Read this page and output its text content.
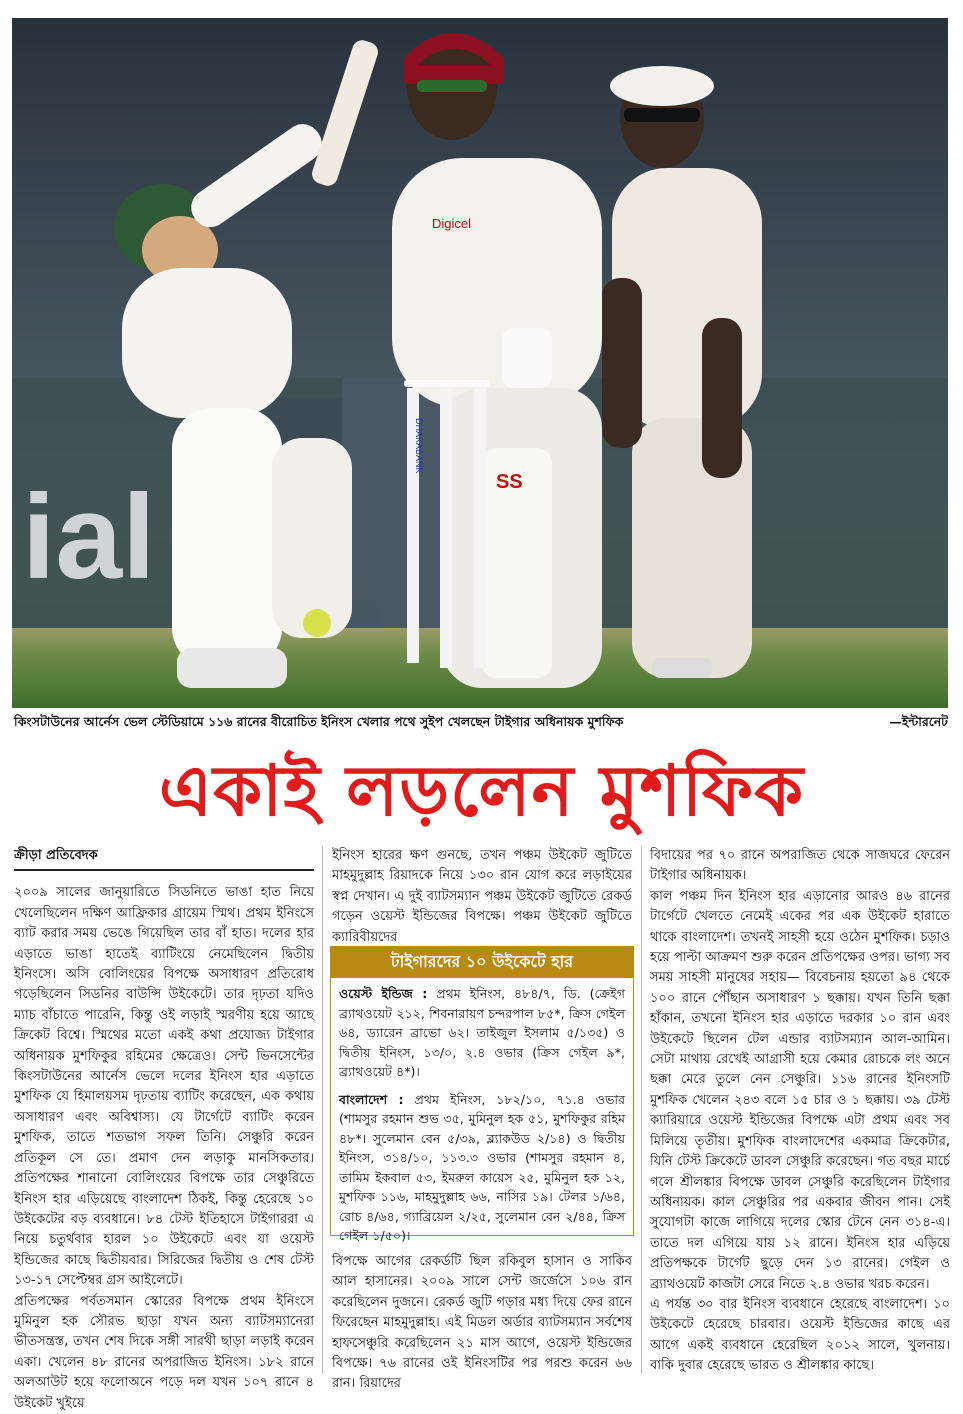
ial	SS
Digicel
DHAKABANK
কিংসটাউনের আর্নেস ভেল স্টেডিয়ামে ১১৬ রানের বীরোচিত ইনিংস খেলার পথে সুইপ খেলছেন টাইগার অধিনায়ক মুশফিক	—ইন্টারনেট
একাই লড়লেন মুশফিক

ক্রীড়া প্রতিবেদক

২০০৯ সালের জানুয়ারিতে সিডনিতে ভাঙা হাত নিয়ে খেলেছিলেন দক্ষিণ আফ্রিকার গ্রায়েম স্মিথ। প্রথম ইনিংসে ব্যাট করার সময় ভেঙে গিয়েছিল তার বাঁ হাত। দলের হার এড়াতে ভাঙা হাতেই ব্যাটিংয়ে নেমেছিলেন দ্বিতীয় ইনিংসে। অসি বোলিংয়ের বিপক্ষে অসাধারণ প্রতিরোধ গড়েছিলেন সিডনির বাউন্সি উইকেটে। তার দৃঢ়তা যদিও ম্যাচ বাঁচাতে পারেনি, কিন্তু ওই লড়াই স্মরণীয় হয়ে আছে ক্রিকেট বিশ্বে। স্মিথের মতো একই কথা প্রযোজ্য টাইগার অধিনায়ক মুশফিকুর রহিমের ক্ষেত্রেও। সেন্ট ভিনসেন্টের কিংসটাউনের আর্নেস ভেলে দলের ইনিংস হার এড়াতে মুশফিক যে হিমালয়সম দৃঢ়তায় ব্যাটিং করেছেন, এক কথায় অসাধারণ এবং অবিশ্বাস্য। যে টার্গেটে ব্যাটিং করেন মুশফিক, তাতে শতভাগ সফল তিনি। সেঞ্চুরি করেন প্রতিকূল সে তে। প্রমাণ দেন লড়াকু মানসিকতার। প্রতিপক্ষের শানানো বোলিংয়ের বিপক্ষে তার সেঞ্চুরিতে ইনিংস হার এড়িয়েছে বাংলাদেশ ঠিকই, কিন্তু হেরেছে ১০ উইকেটের বড় ব্যবধানে। ৮৪ টেস্ট ইতিহাসে টাইগাররা এ নিয়ে চতুর্থবার হারল ১০ উইকেটে এবং যা ওয়েস্ট ইন্ডিজের কাছে দ্বিতীয়বার। সিরিজের দ্বিতীয় ও শেষ টেস্ট ১৩-১৭ সেপ্টেম্বর গ্রস আইলেটে।

প্রতিপক্ষের পর্বতসমান স্কোরের বিপক্ষে প্রথম ইনিংসে মুমিনুল হক সৌরভ ছাড়া যখন অন্য ব্যাটসম্যানেরা ভীতসন্ত্রস্ত, তখন শেষ দিকে সঙ্গী সারথী ছাড়া লড়াই করেন একা। খেলেন ৪৮ রানের অপরাজিত ইনিংস। ১৮২ রানে অলআউট হয়ে ফলোঅনে পড়ে দল যখন ১০৭ রানে ৪ উইকেট খুইয়ে

ইনিংস হারের ক্ষণ গুনছে, তখন পঞ্চম উইকেট জুটিতে মাহমুদুল্লাহ রিয়াদকে নিয়ে ১৩০ রান যোগ করে লড়াইয়ের স্বপ্ন দেখান। এ দুই ব্যাটসম্যান পঞ্চম উইকেট জুটিতে রেকর্ড গড়েন ওয়েস্ট ইন্ডিজের বিপক্ষে। পঞ্চম উইকেট জুটিতে ক্যারিবীয়দের

টাইগারদের ১০ উইকেটে হার

ওয়েস্ট ইন্ডিজ : প্রথম ইনিংস, ৪৮৪/৭, ডি. (ক্রেইগ ব্র্যাথওয়েট ২১২, শিবনারায়ণ চন্দরপাল ৮৫*, ক্রিস গেইল ৬৪, ড্যারেন ব্রাভো ৬২। তাইজুল ইসলাম ৫/১৩৫) ও দ্বিতীয় ইনিংস, ১৩/০, ২.৪ ওভার (ক্রিস গেইল ৯*, ব্র্যাথওয়েট ৪*)।

বাংলাদেশ : প্রথম ইনিংস, ১৮২/১০, ৭১.৪ ওভার (শামসুর রহমান শুভ ৩৫, মুমিনুল হক ৫১, মুশফিকুর রহিম ৪৮*। সুলেমান বেন ৫/৩৯, ব্ল্যাকউড ২/১৪) ও দ্বিতীয় ইনিংস, ৩১৪/১০, ১১৩.৩ ওভার (শামসুর রহমান ৪, তামিম ইকবাল ৫৩, ইমরুল কায়েস ২৫, মুমিনুল হক ১২, মুশফিক ১১৬, মাহমুদুল্লাহ ৬৬, নাসির ১৯। টেলর ১/৬৪, রোচ ৪/৬৪, গ্যাব্রিয়েল ২/২৫, সুলেমান বেন ২/৪৪, ক্রিস গেইল ১/৫০)।

বিপক্ষে আগের রেকর্ডটি ছিল রকিবুল হাসান ও সাকিব আল হাসানের। ২০০৯ সালে সেন্ট জর্জেসে ১০৬ রান করেছিলেন দুজনে। রেকর্ড জুটি গড়ার মধ্য দিয়ে ফের রানে ফিরেছেন মাহমুদুল্লাহ। এই মিডল অর্ডার ব্যাটসম্যান সর্বশেষ হাফসেঞ্চুরি করেছিলেন ২১ মাস আগে, ওয়েস্ট ইন্ডিজের বিপক্ষে। ৭৬ রানের ওই ইনিংসটির পর পরশু করেন ৬৬ রান। রিয়াদের

বিদায়ের পর ৭০ রানে অপরাজিত থেকে সাজঘরে ফেরেন টাইগার অধিনায়ক।

কাল পঞ্চম দিন ইনিংস হার এড়ানোর আরও ৪৬ রানের টার্গেটে খেলতে নেমেই একের পর এক উইকেট হারাতে থাকে বাংলাদেশ। তখনই সাহসী হয়ে ওঠেন মুশফিক। চড়াও হয়ে পাল্টা আক্রমণ শুরু করেন প্রতিপক্ষের ওপর। ভাগ্য সব সময় সাহসী মানুষের সহায়— বিবেচনায় হয়তো ৯৪ থেকে ১০০ রানে পৌঁছান অসাধারণ ১ ছক্কায়। যখন তিনি ছক্কা হাঁকান, তখনো ইনিংস হার এড়াতে দরকার ১০ রান এবং উইকেটে ছিলেন টেল এন্ডার ব্যাটসম্যান আল-আমিন। সেটা মাথায় রেখেই আগ্রাসী হয়ে কেমার রোচকে লং অনে ছক্কা মেরে তুলে নেন সেঞ্চুরি। ১১৬ রানের ইনিংসটি মুশফিক খেলেন ২৪৩ বলে ১৫ চার ও ১ ছক্কায়। ৩৯ টেস্ট ক্যারিয়ারে ওয়েস্ট ইন্ডিজের বিপক্ষে এটা প্রথম এবং সব মিলিয়ে তৃতীয়। মুশফিক বাংলাদেশের একমাত্র ক্রিকেটার, যিনি টেস্ট ক্রিকেটে ডাবল সেঞ্চুরি করেছেন। গত বছর মার্চে গলে শ্রীলঙ্কার বিপক্ষে ডাবল সেঞ্চুরি করেছিলেন টাইগার অধিনায়ক। কাল সেঞ্চুরির পর একবার জীবন পান। সেই সুযোগটা কাজে লাগিয়ে দলের স্কোর টেনে নেন ৩১৪-এ। তাতে দল এগিয়ে যায় ১২ রানে। ইনিংস হার এড়িয়ে প্রতিপক্ষকে টার্গেট ছুড়ে দেন ১৩ রানের। গেইল ও ব্র্যাথওয়েট কাজটা সেরে নিতে ২.৪ ওভার খরচ করেন।

এ পর্যন্ত ৩০ বার ইনিংস ব্যবধানে হেরেছে বাংলাদেশ। ১০ উইকেটে হেরেছে চারবার। ওয়েস্ট ইন্ডিজের কাছে এর আগে একই ব্যবধানে হেরেছিল ২০১২ সালে, খুলনায়। বাকি দুবার হেরেছে ভারত ও শ্রীলঙ্কার কাছে।
